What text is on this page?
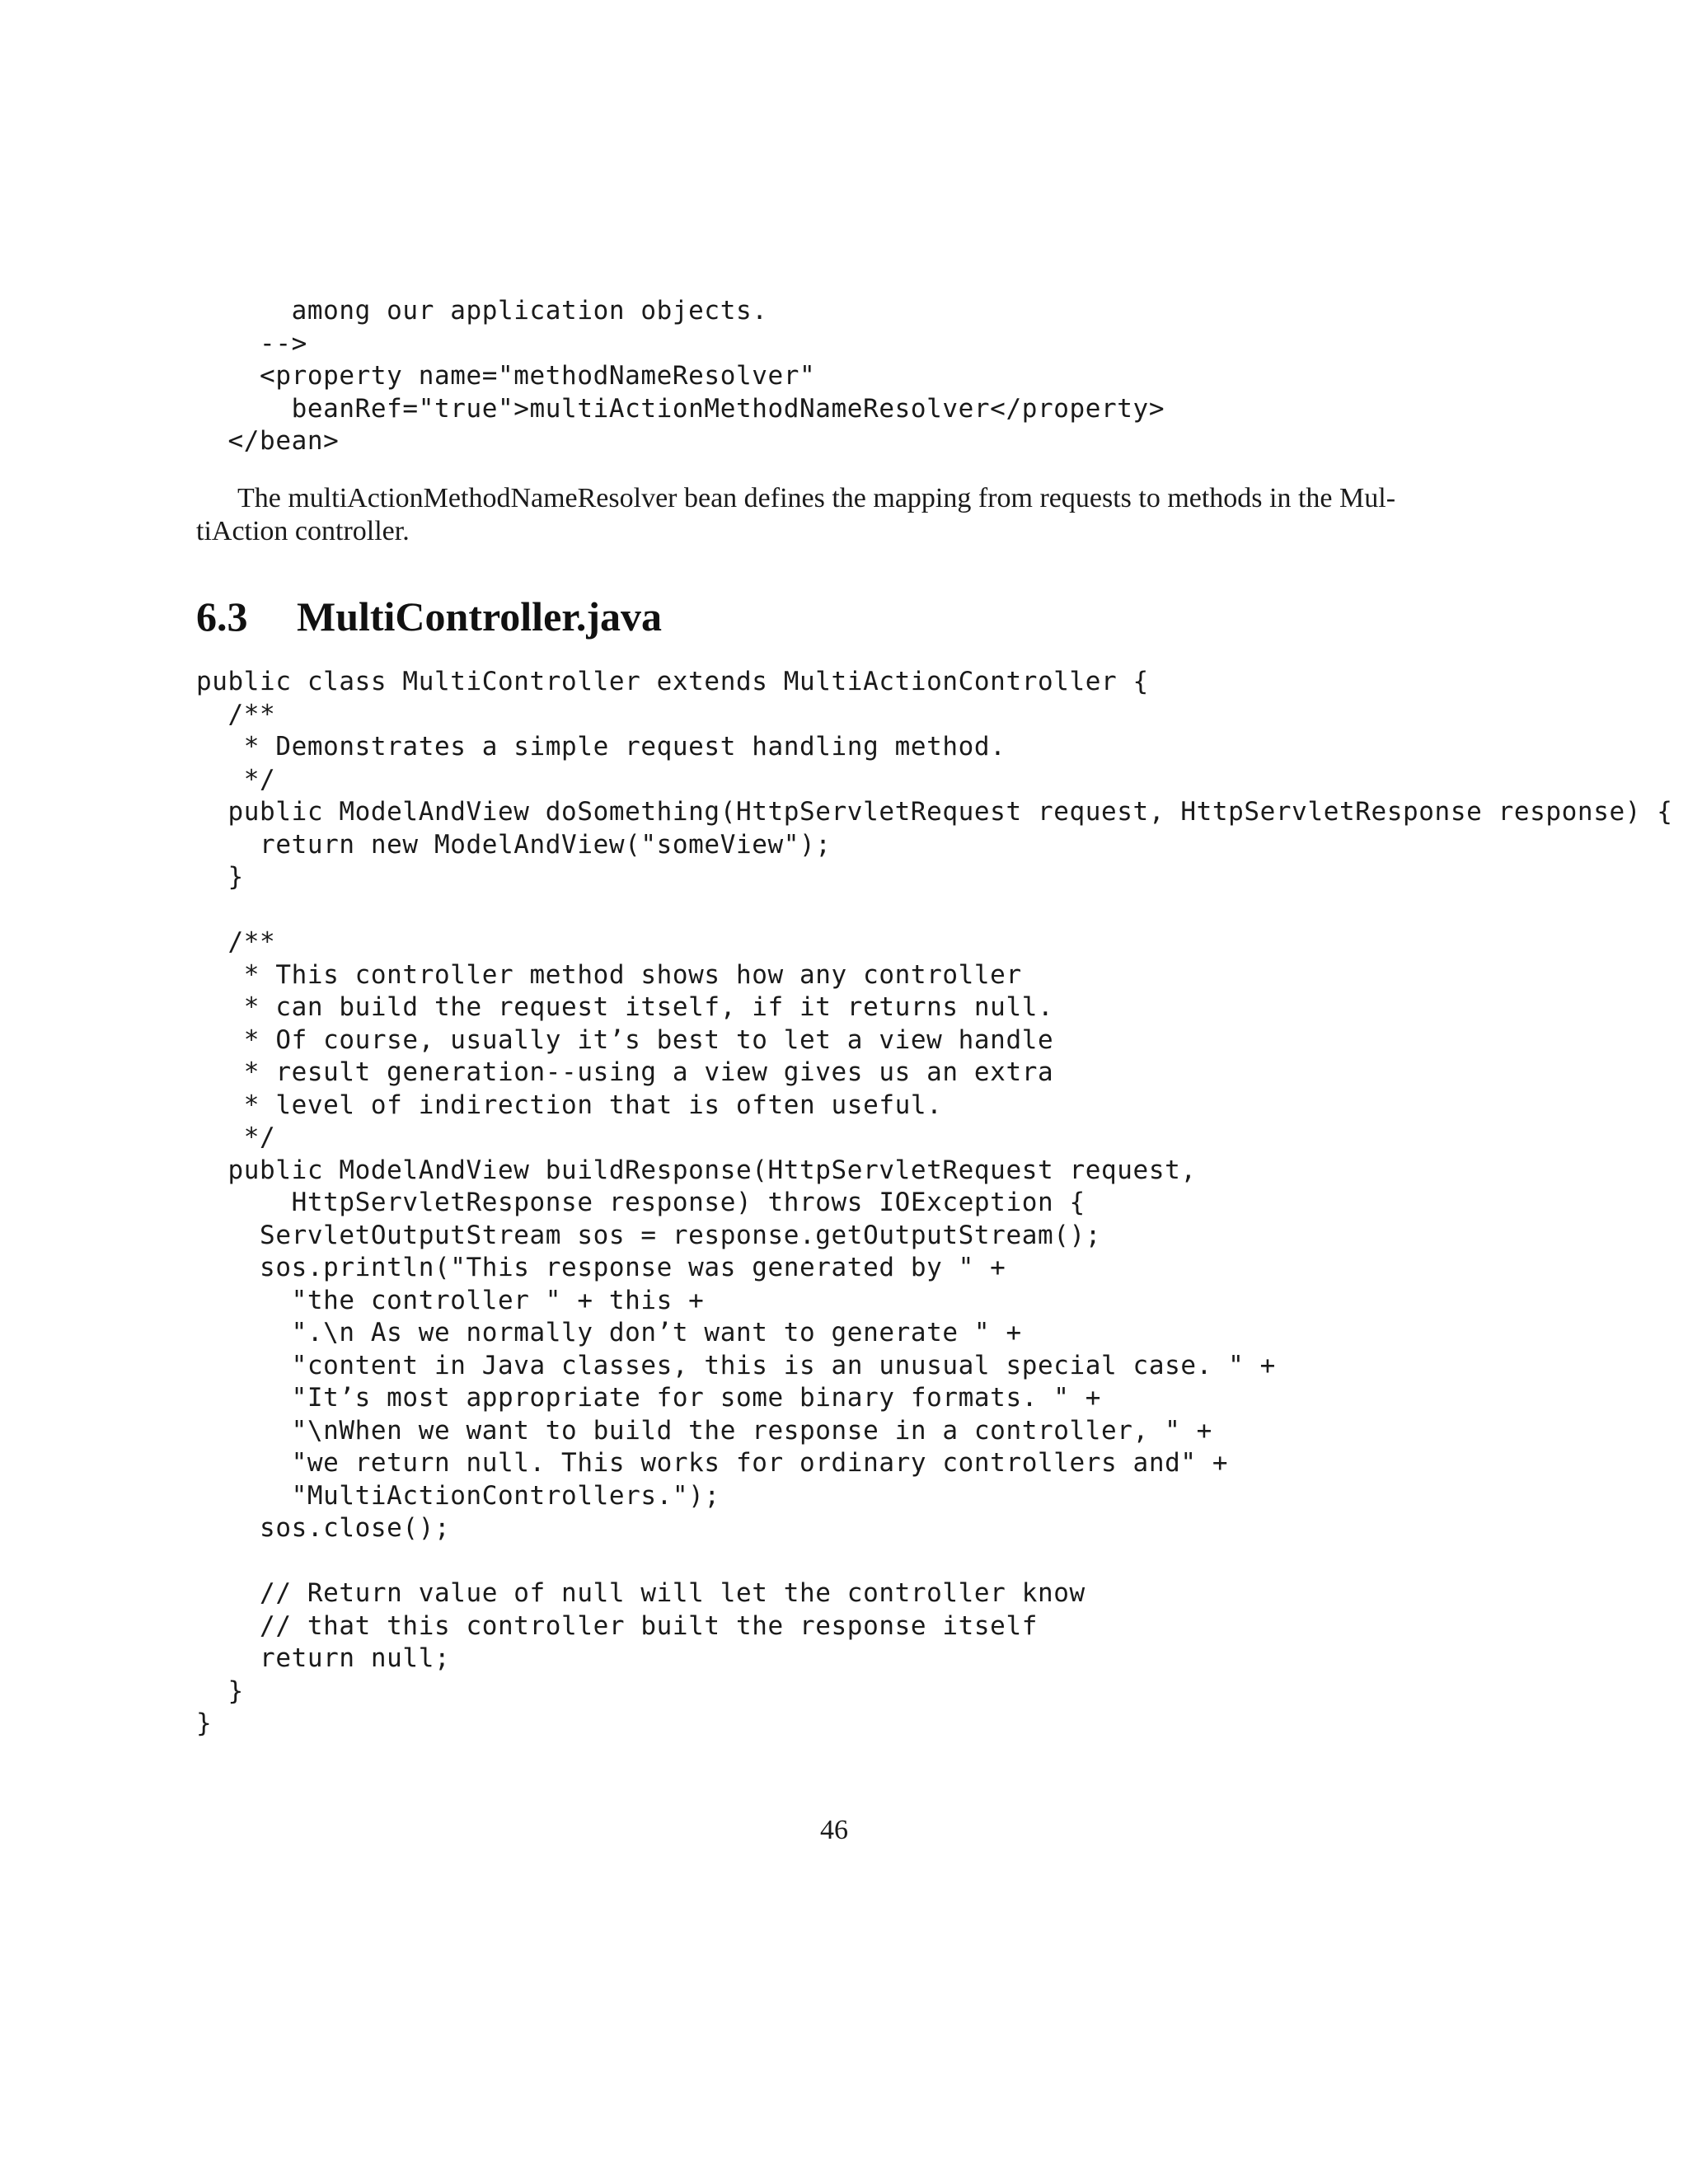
among our application objects.
-->
<property name="methodNameResolver"
beanRef="true">multiActionMethodNameResolver</property>
</bean>
The multiActionMethodNameResolver bean defines the mapping from requests to methods in the Mul-
tiAction controller.
6.3 MultiController.java
public class MultiController extends MultiActionController {
/**
* Demonstrates a simple request handling method.
*/
public ModelAndView doSomething(HttpServletRequest request, HttpServletResponse response) {
return new ModelAndView("someView");
}
/**
* This controller method shows how any controller
* can build the request itself, if it returns null.
* Of course, usually it’s best to let a view handle
* result generation--using a view gives us an extra
* level of indirection that is often useful.
*/
public ModelAndView buildResponse(HttpServletRequest request,
HttpServletResponse response) throws IOException {
ServletOutputStream sos = response.getOutputStream();
sos.println("This response was generated by " +
"the controller " + this +
".\n As we normally don’t want to generate " +
"content in Java classes, this is an unusual special case. " +
"It’s most appropriate for some binary formats. " +
"\nWhen we want to build the response in a controller, " +
"we return null. This works for ordinary controllers and" +
"MultiActionControllers.");
sos.close();
// Return value of null will let the controller know
// that this controller built the response itself
return null;
}
}
46
